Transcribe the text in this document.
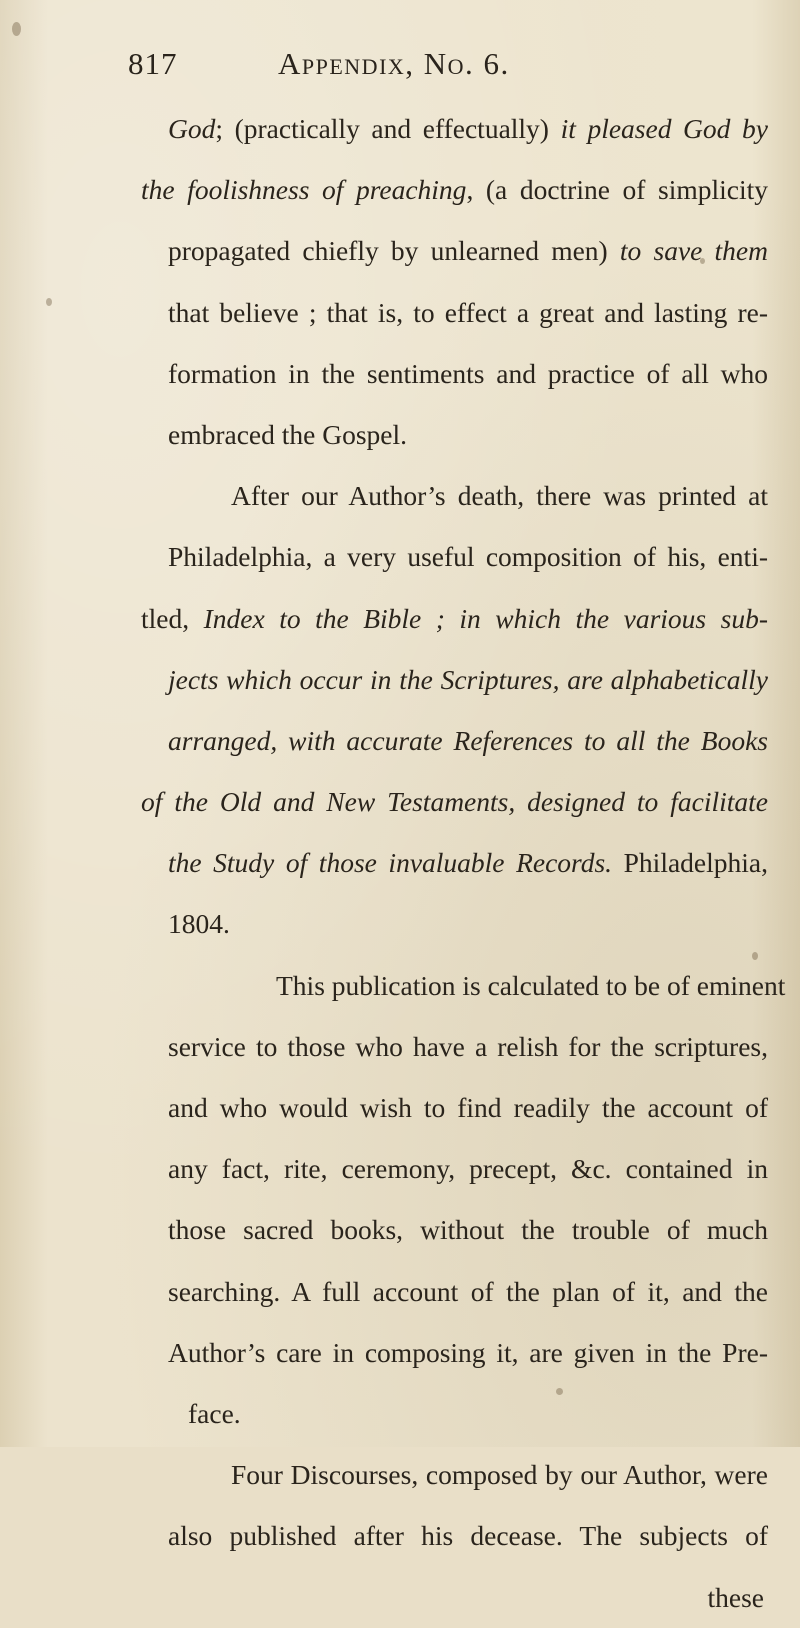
817	Appendix, No. 6.
God; (practically and effectually) it pleased God by
the foolishness of preaching, (a doctrine of simplicity
propagated chiefly by unlearned men) to save them
that believe ; that is, to effect a great and lasting re-
formation in the sentiments and practice of all who
embraced the Gospel.
After our Author’s death, there was printed at
Philadelphia, a very useful composition of his, enti-
tled, Index to the Bible ; in which the various sub-
jects which occur in the Scriptures, are alphabetically
arranged, with accurate References to all the Books
of the Old and New Testaments, designed to facilitate
the Study of those invaluable Records. Philadelphia,
1804.
This publication is calculated to be of eminent
service to those who have a relish for the scriptures,
and who would wish to find readily the account of
any fact, rite, ceremony, precept, &c. contained in
those sacred books, without the trouble of much
searching. A full account of the plan of it, and the
Author’s care in composing it, are given in the Pre-
face.
Four Discourses, composed by our Author, were
also published after his decease. The subjects of
these
